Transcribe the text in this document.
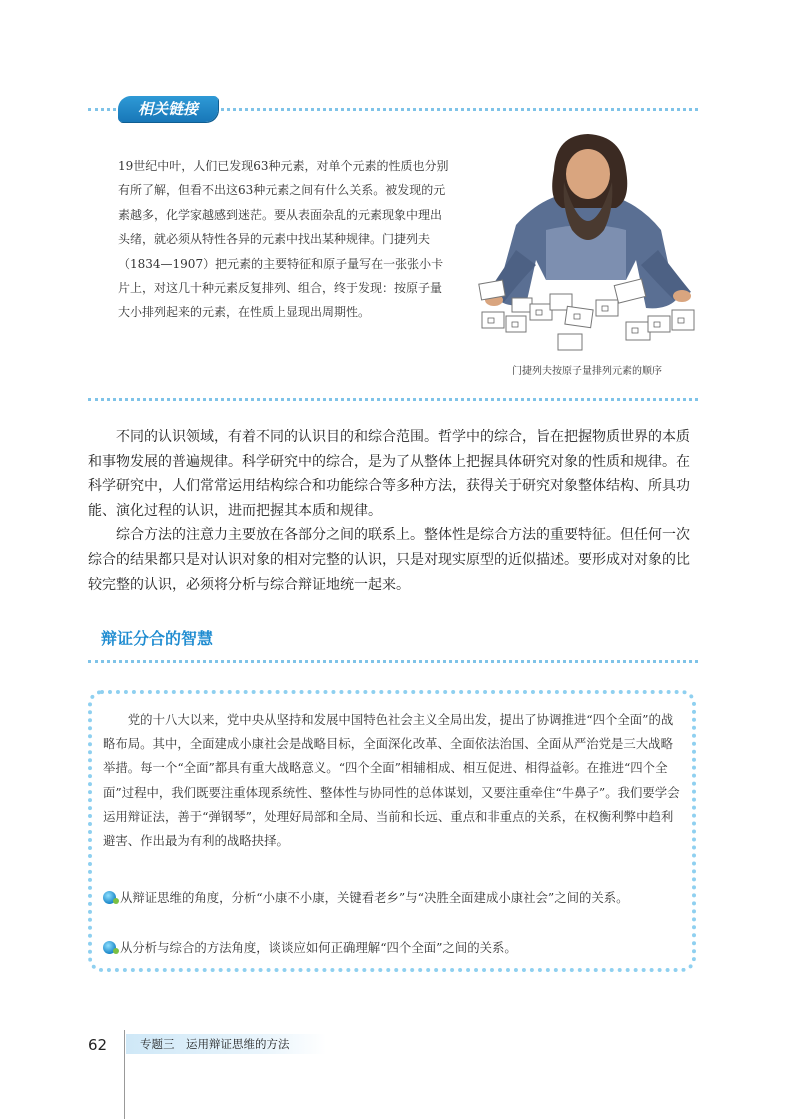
相关链接

19世纪中叶，人们已发现63种元素，对单个元素的性质也分别有所了解，但看不出这63种元素之间有什么关系。被发现的元素越多，化学家越感到迷茫。要从表面杂乱的元素现象中理出头绪，就必须从特性各异的元素中找出某种规律。门捷列夫（1834—1907）把元素的主要特征和原子量写在一张张小卡片上，对这几十种元素反复排列、组合，终于发现：按原子量大小排列起来的元素，在性质上显现出周期性。

门捷列夫按原子量排列元素的顺序

不同的认识领域，有着不同的认识目的和综合范围。哲学中的综合，旨在把握物质世界的本质和事物发展的普遍规律。科学研究中的综合，是为了从整体上把握具体研究对象的性质和规律。在科学研究中，人们常常运用结构综合和功能综合等多种方法，获得关于研究对象整体结构、所具功能、演化过程的认识，进而把握其本质和规律。

综合方法的注意力主要放在各部分之间的联系上。整体性是综合方法的重要特征。但任何一次综合的结果都只是对认识对象的相对完整的认识，只是对现实原型的近似描述。要形成对对象的比较完整的认识，必须将分析与综合辩证地统一起来。

辩证分合的智慧

党的十八大以来，党中央从坚持和发展中国特色社会主义全局出发，提出了协调推进“四个全面”的战略布局。其中，全面建成小康社会是战略目标，全面深化改革、全面依法治国、全面从严治党是三大战略举措。每一个“全面”都具有重大战略意义。“四个全面”相辅相成、相互促进、相得益彰。在推进“四个全面”过程中，我们既要注重体现系统性、整体性与协同性的总体谋划，又要注重牵住“牛鼻子”。我们要学会运用辩证法，善于“弹钢琴”，处理好局部和全局、当前和长远、重点和非重点的关系，在权衡利弊中趋利避害、作出最为有利的战略抉择。

从辩证思维的角度，分析“小康不小康，关键看老乡”与“决胜全面建成小康社会”之间的关系。
从分析与综合的方法角度，谈谈应如何正确理解“四个全面”之间的关系。
62	专题三　运用辩证思维的方法
